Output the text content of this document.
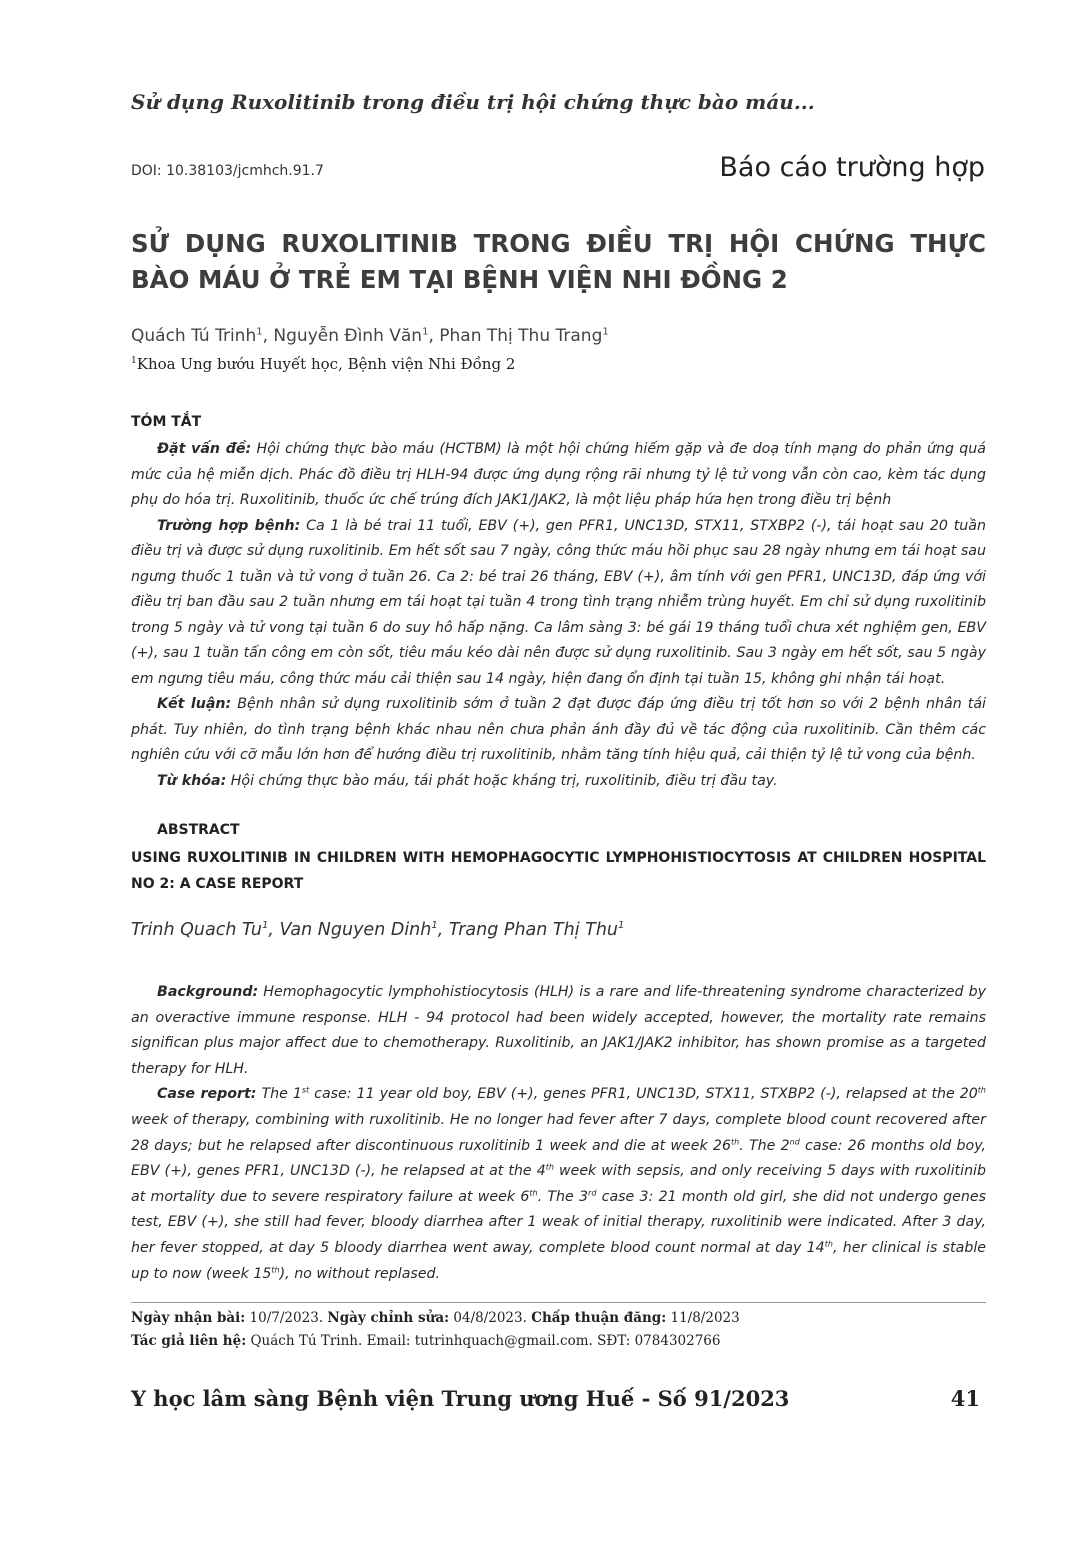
Sử dụng Ruxolitinib trong điều trị hội chứng thực bào máu...
DOI: 10.38103/jcmhch.91.7	Báo cáo trường hợp
SỬ DỤNG RUXOLITINIB TRONG ĐIỀU TRỊ HỘI CHỨNG THỰC BÀO MÁU Ở TRẺ EM TẠI BỆNH VIỆN NHI ĐỒNG 2
Quách Tú Trinh$^1$, Nguyễn Đình Văn$^1$, Phan Thị Thu Trang$^1$
$^1$Khoa Ung bướu Huyết học, Bệnh viện Nhi Đồng 2
TÓM TẮT

Đặt vấn đề: Hội chứng thực bào máu (HCTBM) là một hội chứng hiếm gặp và đe doạ tính mạng do phản ứng quá mức của hệ miễn dịch. Phác đồ điều trị HLH-94 được ứng dụng rộng rãi nhưng tỷ lệ tử vong vẫn còn cao, kèm tác dụng phụ do hóa trị. Ruxolitinib, thuốc ức chế trúng đích JAK1/JAK2, là một liệu pháp hứa hẹn trong điều trị bệnh

Trường hợp bệnh: Ca 1 là bé trai 11 tuổi, EBV (+), gen PFR1, UNC13D, STX11, STXBP2 (-), tái hoạt sau 20 tuần điều trị và được sử dụng ruxolitinib. Em hết sốt sau 7 ngày, công thức máu hồi phục sau 28 ngày nhưng em tái hoạt sau ngưng thuốc 1 tuần và tử vong ở tuần 26. Ca 2: bé trai 26 tháng, EBV (+), âm tính với gen PFR1, UNC13D, đáp ứng với điều trị ban đầu sau 2 tuần nhưng em tái hoạt tại tuần 4 trong tình trạng nhiễm trùng huyết. Em chỉ sử dụng ruxolitinib trong 5 ngày và tử vong tại tuần 6 do suy hô hấp nặng. Ca lâm sàng 3: bé gái 19 tháng tuổi chưa xét nghiệm gen, EBV (+), sau 1 tuần tấn công em còn sốt, tiêu máu kéo dài nên được sử dụng ruxolitinib. Sau 3 ngày em hết sốt, sau 5 ngày em ngưng tiêu máu, công thức máu cải thiện sau 14 ngày, hiện đang ổn định tại tuần 15, không ghi nhận tái hoạt.

Kết luận: Bệnh nhân sử dụng ruxolitinib sớm ở tuần 2 đạt được đáp ứng điều trị tốt hơn so với 2 bệnh nhân tái phát. Tuy nhiên, do tình trạng bệnh khác nhau nên chưa phản ánh đầy đủ về tác động của ruxolitinib. Cần thêm các nghiên cứu với cỡ mẫu lớn hơn để hướng điều trị ruxolitinib, nhằm tăng tính hiệu quả, cải thiện tỷ lệ tử vong của bệnh.

Từ khóa: Hội chứng thực bào máu, tái phát hoặc kháng trị, ruxolitinib, điều trị đầu tay.

ABSTRACT
USING RUXOLITINIB IN CHILDREN WITH HEMOPHAGOCYTIC LYMPHOHISTIOCYTOSIS AT CHILDREN HOSPITAL NO 2: A CASE REPORT
Trinh Quach Tu$^1$, Van Nguyen Dinh$^1$, Trang Phan Thị Thu$^1$

Background: Hemophagocytic lymphohistiocytosis (HLH) is a rare and life-threatening syndrome characterized by an overactive immune response. HLH - 94 protocol had been widely accepted, however, the mortality rate remains significan plus major affect due to chemotherapy. Ruxolitinib, an JAK1/JAK2 inhibitor, has shown promise as a targeted therapy for HLH.

Case report: The 1st case: 11 year old boy, EBV (+), genes PFR1, UNC13D, STX11, STXBP2 (-), relapsed at the 20th week of therapy, combining with ruxolitinib. He no longer had fever after 7 days, complete blood count recovered after 28 days; but he relapsed after discontinuous ruxolitinib 1 week and die at week 26th. The 2nd case: 26 months old boy, EBV (+), genes PFR1, UNC13D (-), he relapsed at at the 4th week with sepsis, and only receiving 5 days with ruxolitinib at mortality due to severe respiratory failure at week 6th. The 3rd case 3: 21 month old girl, she did not undergo genes test, EBV (+), she still had fever, bloody diarrhea after 1 weak of initial therapy, ruxolitinib were indicated. After 3 day, her fever stopped, at day 5 bloody diarrhea went away, complete blood count normal at day 14th, her clinical is stable up to now (week 15th), no without replased.

Ngày nhận bài: 10/7/2023. Ngày chỉnh sửa: 04/8/2023. Chấp thuận đăng: 11/8/2023
Tác giả liên hệ: Quách Tú Trinh. Email: tutrinhquach@gmail.com. SĐT: 0784302766
Y học lâm sàng Bệnh viện Trung ương Huế - Số 91/2023	41
